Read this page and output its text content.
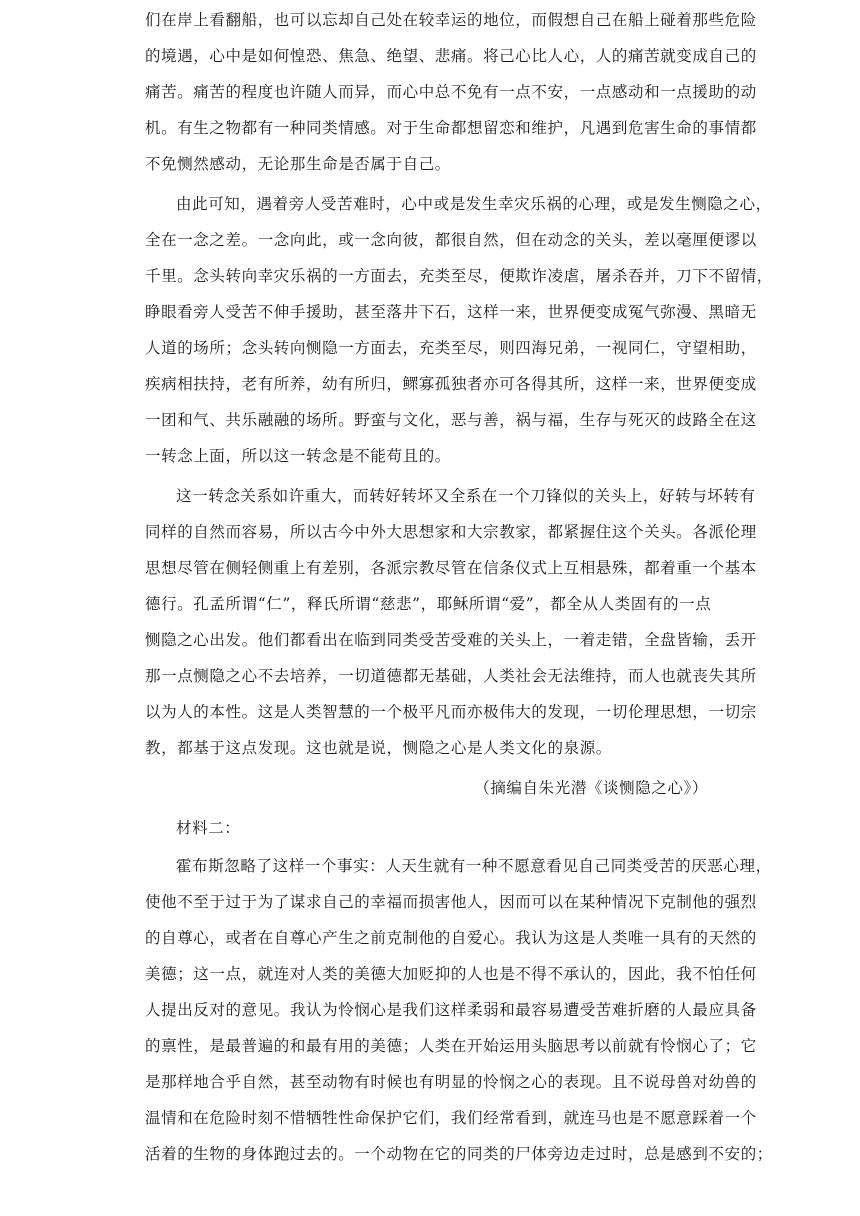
们在岸上看翻船，也可以忘却自己处在较幸运的地位，而假想自己在船上碰着那些危险
的境遇，心中是如何惶恐、焦急、绝望、悲痛。将己心比人心，人的痛苦就变成自己的
痛苦。痛苦的程度也许随人而异，而心中总不免有一点不安，一点感动和一点援助的动
机。有生之物都有一种同类情感。对于生命都想留恋和维护，凡遇到危害生命的事情都
不免恻然感动，无论那生命是否属于自己。
由此可知，遇着旁人受苦难时，心中或是发生幸灾乐祸的心理，或是发生恻隐之心，
全在一念之差。一念向此，或一念向彼，都很自然，但在动念的关头，差以毫厘便谬以
千里。念头转向幸灾乐祸的一方面去，充类至尽，便欺诈凌虐，屠杀吞并，刀下不留情，
睁眼看旁人受苦不伸手援助，甚至落井下石，这样一来，世界便变成冤气弥漫、黑暗无
人道的场所；念头转向恻隐一方面去，充类至尽，则四海兄弟，一视同仁，守望相助，
疾病相扶持，老有所养，幼有所归，鳏寡孤独者亦可各得其所，这样一来，世界便变成
一团和气、共乐融融的场所。野蛮与文化，恶与善，祸与福，生存与死灭的歧路全在这
一转念上面，所以这一转念是不能苟且的。
这一转念关系如许重大，而转好转坏又全系在一个刀锋似的关头上，好转与坏转有
同样的自然而容易，所以古今中外大思想家和大宗教家，都紧握住这个关头。各派伦理
思想尽管在侧轻侧重上有差别，各派宗教尽管在信条仪式上互相悬殊，都着重一个基本
德行。孔孟所谓“仁”，释氏所谓“慈悲”，耶稣所谓“爱”，都全从人类固有的一点
恻隐之心出发。他们都看出在临到同类受苦受难的关头上，一着走错，全盘皆输，丢开
那一点恻隐之心不去培养，一切道德都无基础，人类社会无法维持，而人也就丧失其所
以为人的本性。这是人类智慧的一个极平凡而亦极伟大的发现，一切伦理思想，一切宗
教，都基于这点发现。这也就是说，恻隐之心是人类文化的泉源。
（摘编自朱光潜《谈恻隐之心》）
材料二：
霍布斯忽略了这样一个事实：人天生就有一种不愿意看见自己同类受苦的厌恶心理，
使他不至于过于为了谋求自己的幸福而损害他人，因而可以在某种情况下克制他的强烈
的自尊心，或者在自尊心产生之前克制他的自爱心。我认为这是人类唯一具有的天然的
美德；这一点，就连对人类的美德大加贬抑的人也是不得不承认的，因此，我不怕任何
人提出反对的意见。我认为怜悯心是我们这样柔弱和最容易遭受苦难折磨的人最应具备
的禀性，是最普遍的和最有用的美德；人类在开始运用头脑思考以前就有怜悯心了；它
是那样地合乎自然，甚至动物有时候也有明显的怜悯之心的表现。且不说母兽对幼兽的
温情和在危险时刻不惜牺牲性命保护它们，我们经常看到，就连马也是不愿意踩着一个
活着的生物的身体跑过去的。一个动物在它的同类的尸体旁边走过时，总是感到不安的；
